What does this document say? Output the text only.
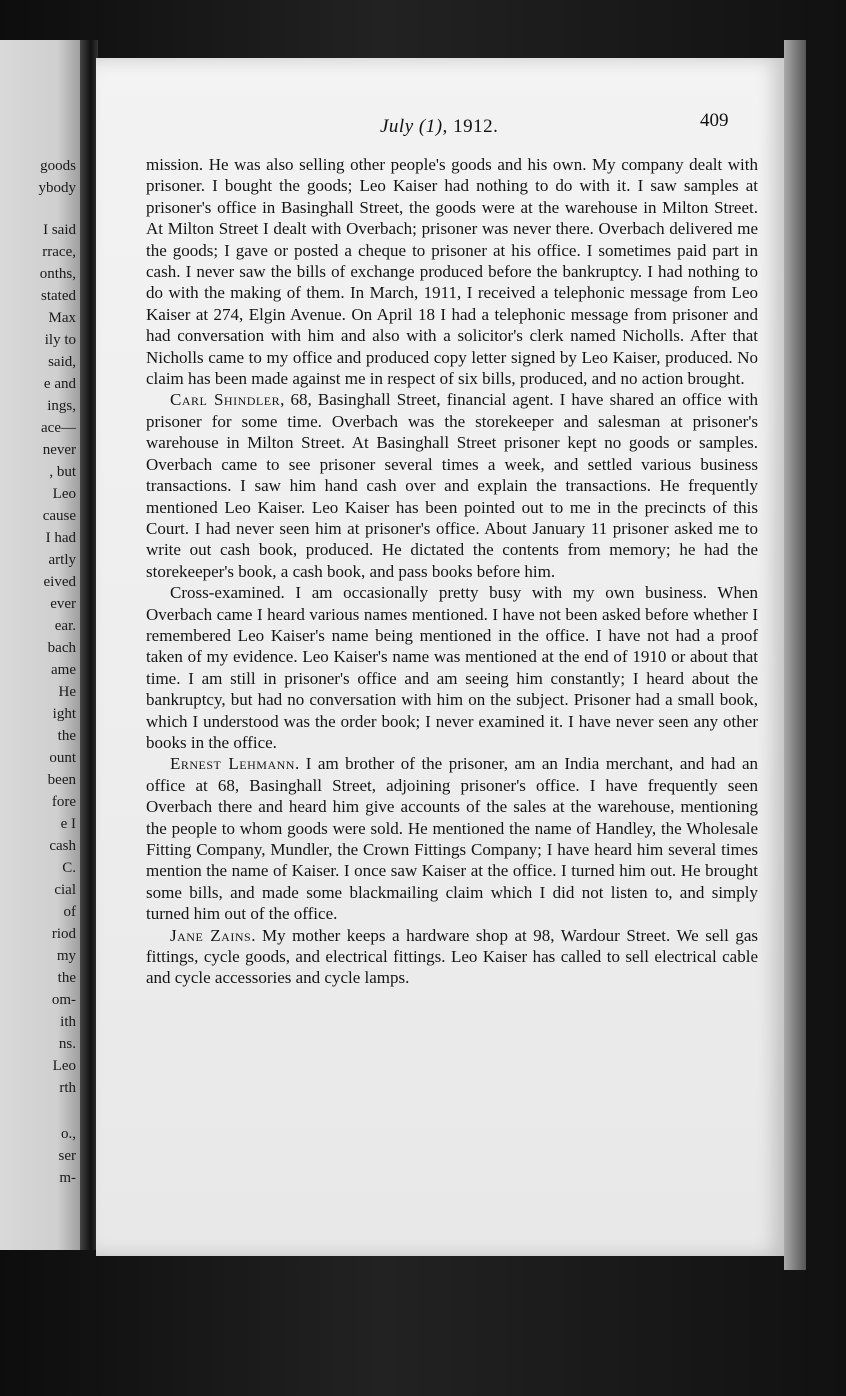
goods

ybody

I said

rrace,

onths,

stated

Max

ily to

said,

e and

ings,

ace—

never

, but

Leo

cause

I had

artly

eived

ever

ear.

bach

ame

He

ight

the

ount

been

fore

e I

cash

C.

cial

of

riod

my

the

om-

ith

ns.

Leo

rth

o.,

ser

m-

July (1), 1912.	409

mission. He was also selling other people's goods and his own. My company dealt with prisoner. I bought the goods; Leo Kaiser had nothing to do with it. I saw samples at prisoner's office in Basinghall Street, the goods were at the warehouse in Milton Street. At Milton Street I dealt with Overbach; prisoner was never there. Overbach delivered me the goods; I gave or posted a cheque to prisoner at his office. I sometimes paid part in cash. I never saw the bills of exchange produced before the bankruptcy. I had nothing to do with the making of them. In March, 1911, I received a telephonic message from Leo Kaiser at 274, Elgin Avenue. On April 18 I had a telephonic message from prisoner and had conversation with him and also with a solicitor's clerk named Nicholls. After that Nicholls came to my office and produced copy letter signed by Leo Kaiser, produced. No claim has been made against me in respect of six bills, produced, and no action brought.

Carl Shindler, 68, Basinghall Street, financial agent. I have shared an office with prisoner for some time. Overbach was the storekeeper and salesman at prisoner's warehouse in Milton Street. At Basinghall Street prisoner kept no goods or samples. Overbach came to see prisoner several times a week, and settled various business transactions. I saw him hand cash over and explain the transactions. He frequently mentioned Leo Kaiser. Leo Kaiser has been pointed out to me in the precincts of this Court. I had never seen him at prisoner's office. About January 11 prisoner asked me to write out cash book, produced. He dictated the contents from memory; he had the storekeeper's book, a cash book, and pass books before him.

Cross-examined. I am occasionally pretty busy with my own business. When Overbach came I heard various names mentioned. I have not been asked before whether I remembered Leo Kaiser's name being mentioned in the office. I have not had a proof taken of my evidence. Leo Kaiser's name was mentioned at the end of 1910 or about that time. I am still in prisoner's office and am seeing him constantly; I heard about the bankruptcy, but had no conversation with him on the subject. Prisoner had a small book, which I understood was the order book; I never examined it. I have never seen any other books in the office.

Ernest Lehmann. I am brother of the prisoner, am an India merchant, and had an office at 68, Basinghall Street, adjoining prisoner's office. I have frequently seen Overbach there and heard him give accounts of the sales at the warehouse, mentioning the people to whom goods were sold. He mentioned the name of Handley, the Wholesale Fitting Company, Mundler, the Crown Fittings Company; I have heard him several times mention the name of Kaiser. I once saw Kaiser at the office. I turned him out. He brought some bills, and made some blackmailing claim which I did not listen to, and simply turned him out of the office.

Jane Zains. My mother keeps a hardware shop at 98, Wardour Street. We sell gas fittings, cycle goods, and electrical fittings. Leo Kaiser has called to sell electrical cable and cycle accessories and cycle lamps.
